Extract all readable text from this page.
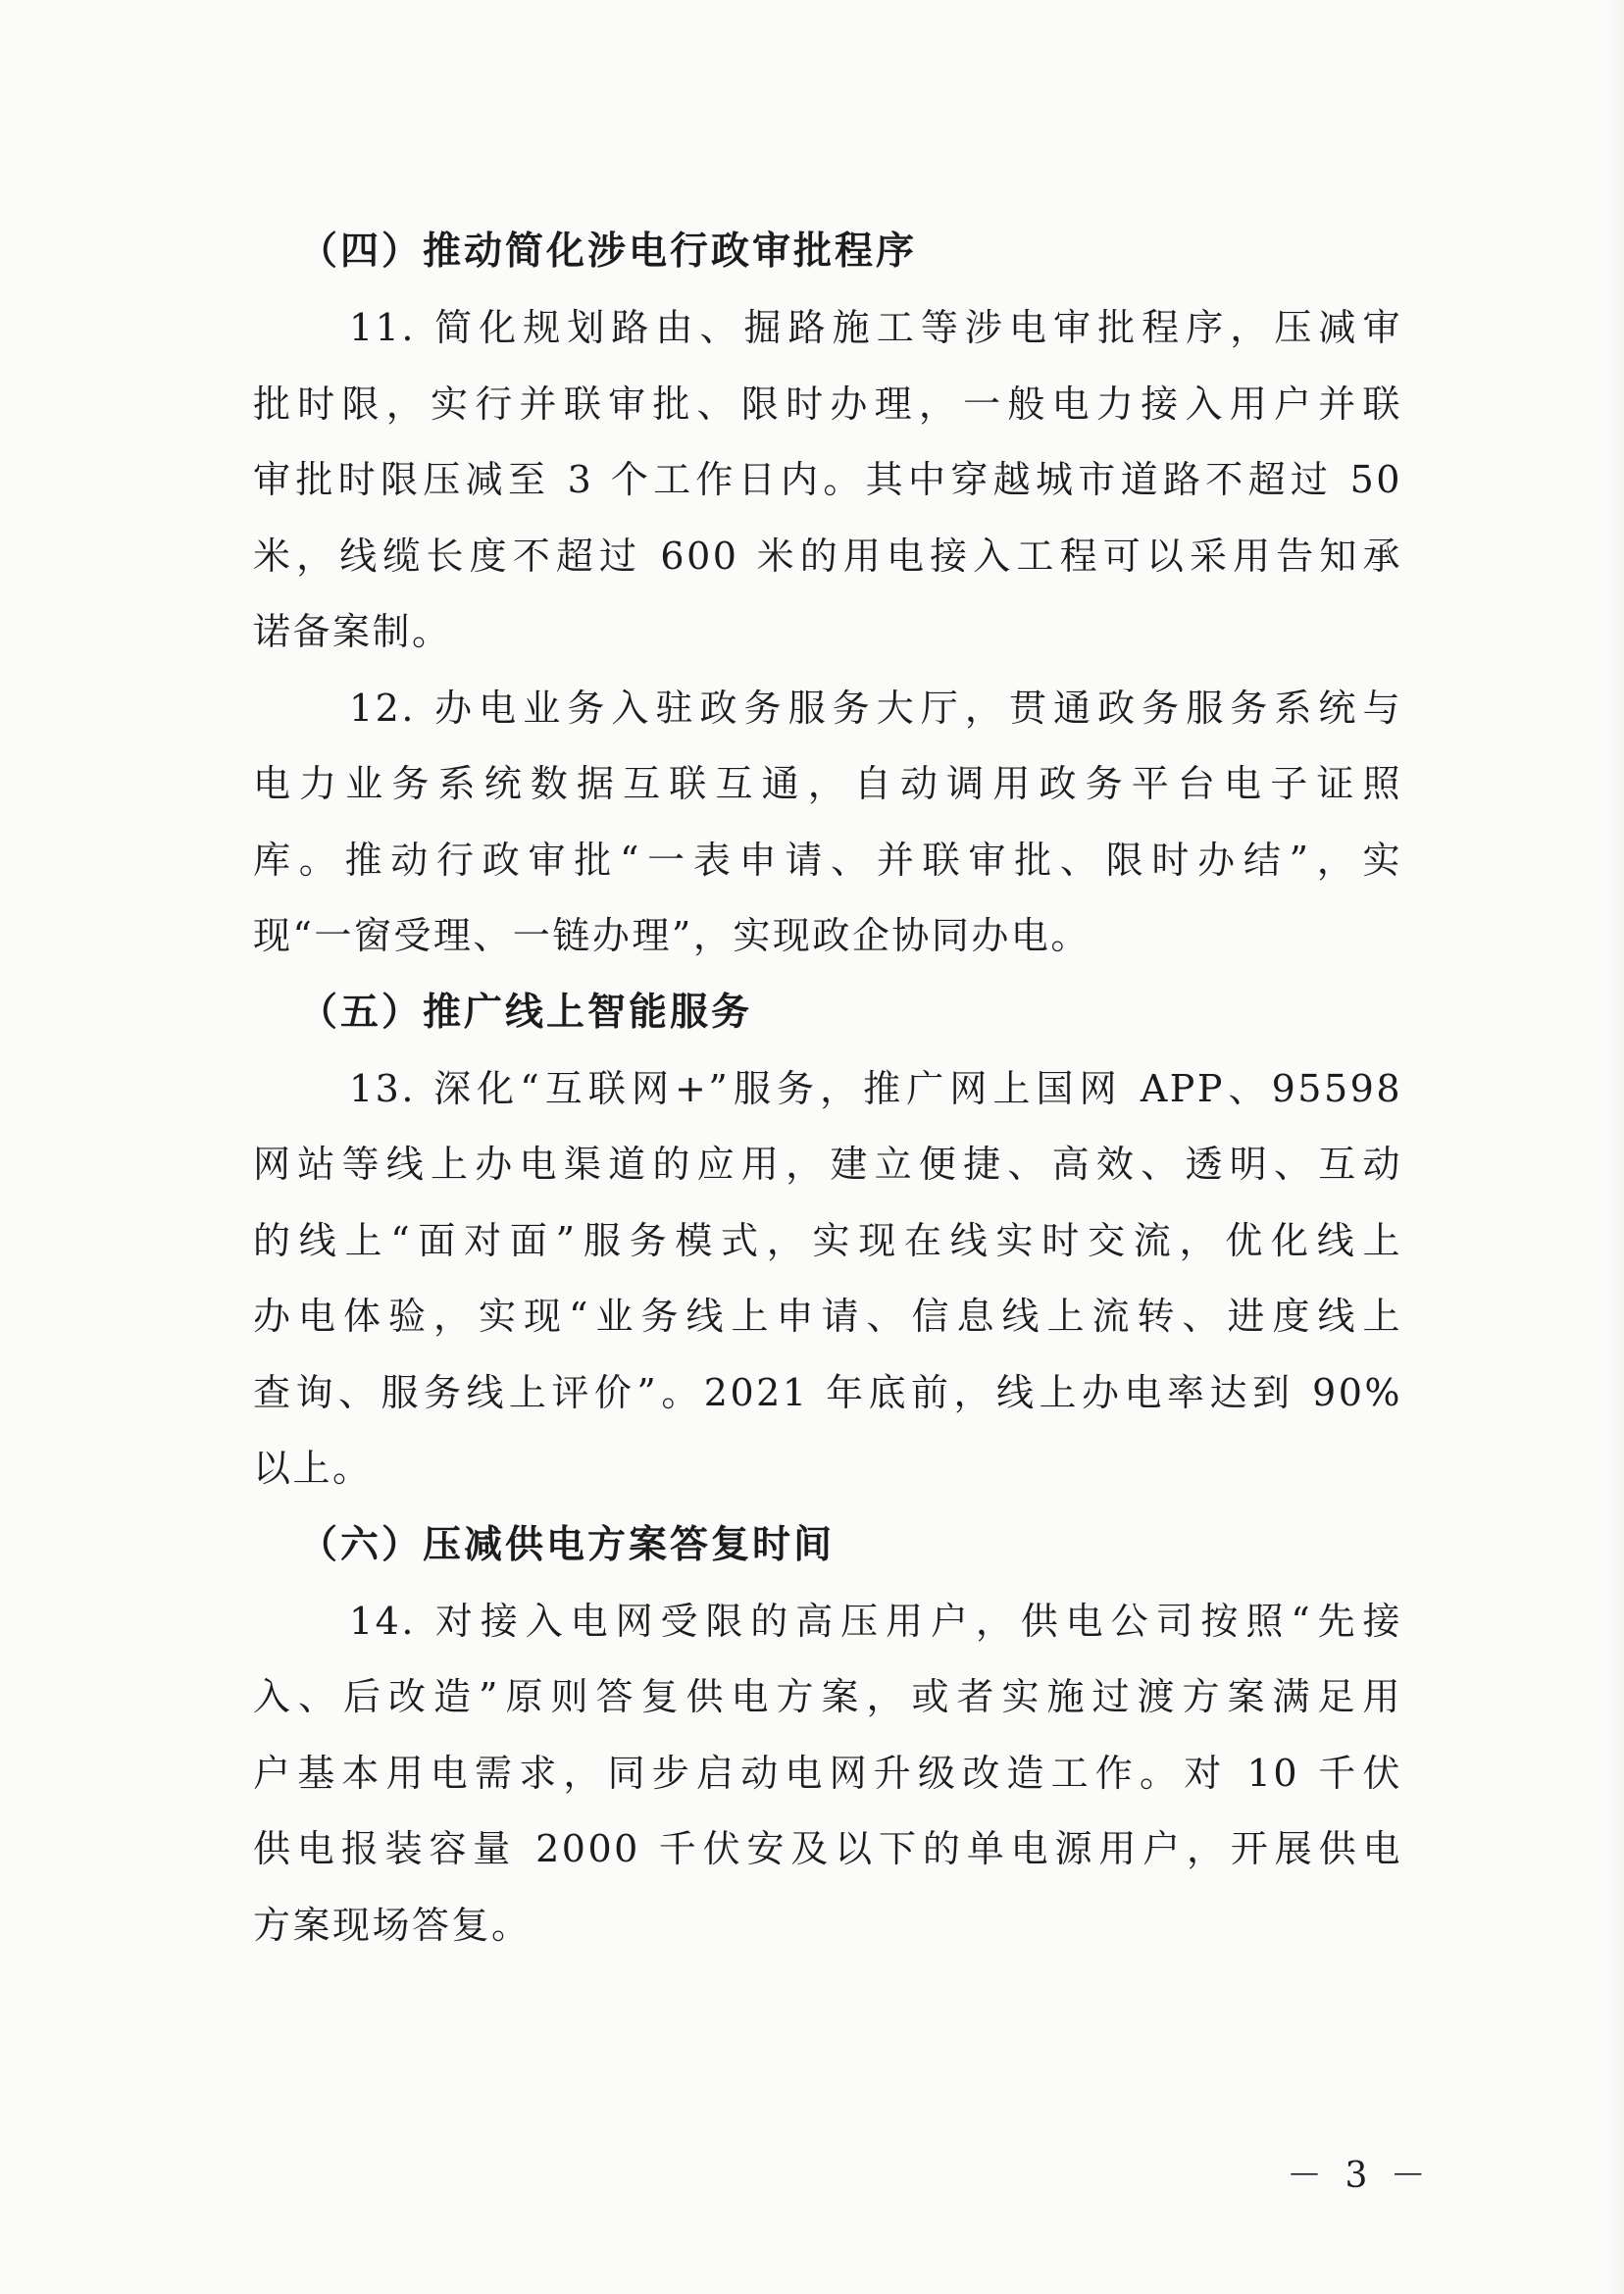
（四）推动简化涉电行政审批程序
11. 简化规划路由、掘路施工等涉电审批程序，压减审
批时限，实行并联审批、限时办理，一般电力接入用户并联
审批时限压减至 3 个工作日内。其中穿越城市道路不超过 50
米，线缆长度不超过 600 米的用电接入工程可以采用告知承
诺备案制。
12. 办电业务入驻政务服务大厅，贯通政务服务系统与
电力业务系统数据互联互通，自动调用政务平台电子证照
库。推动行政审批“一表申请、并联审批、限时办结”，实
现“一窗受理、一链办理”，实现政企协同办电。
（五）推广线上智能服务
13. 深化“互联网+”服务，推广网上国网 APP、95598
网站等线上办电渠道的应用，建立便捷、高效、透明、互动
的线上“面对面”服务模式，实现在线实时交流，优化线上
办电体验，实现“业务线上申请、信息线上流转、进度线上
查询、服务线上评价”。2021 年底前，线上办电率达到 90%
以上。
（六）压减供电方案答复时间
14. 对接入电网受限的高压用户，供电公司按照“先接
入、后改造”原则答复供电方案，或者实施过渡方案满足用
户基本用电需求，同步启动电网升级改造工作。对 10 千伏
供电报装容量 2000 千伏安及以下的单电源用户，开展供电
方案现场答复。
－ 3 －
